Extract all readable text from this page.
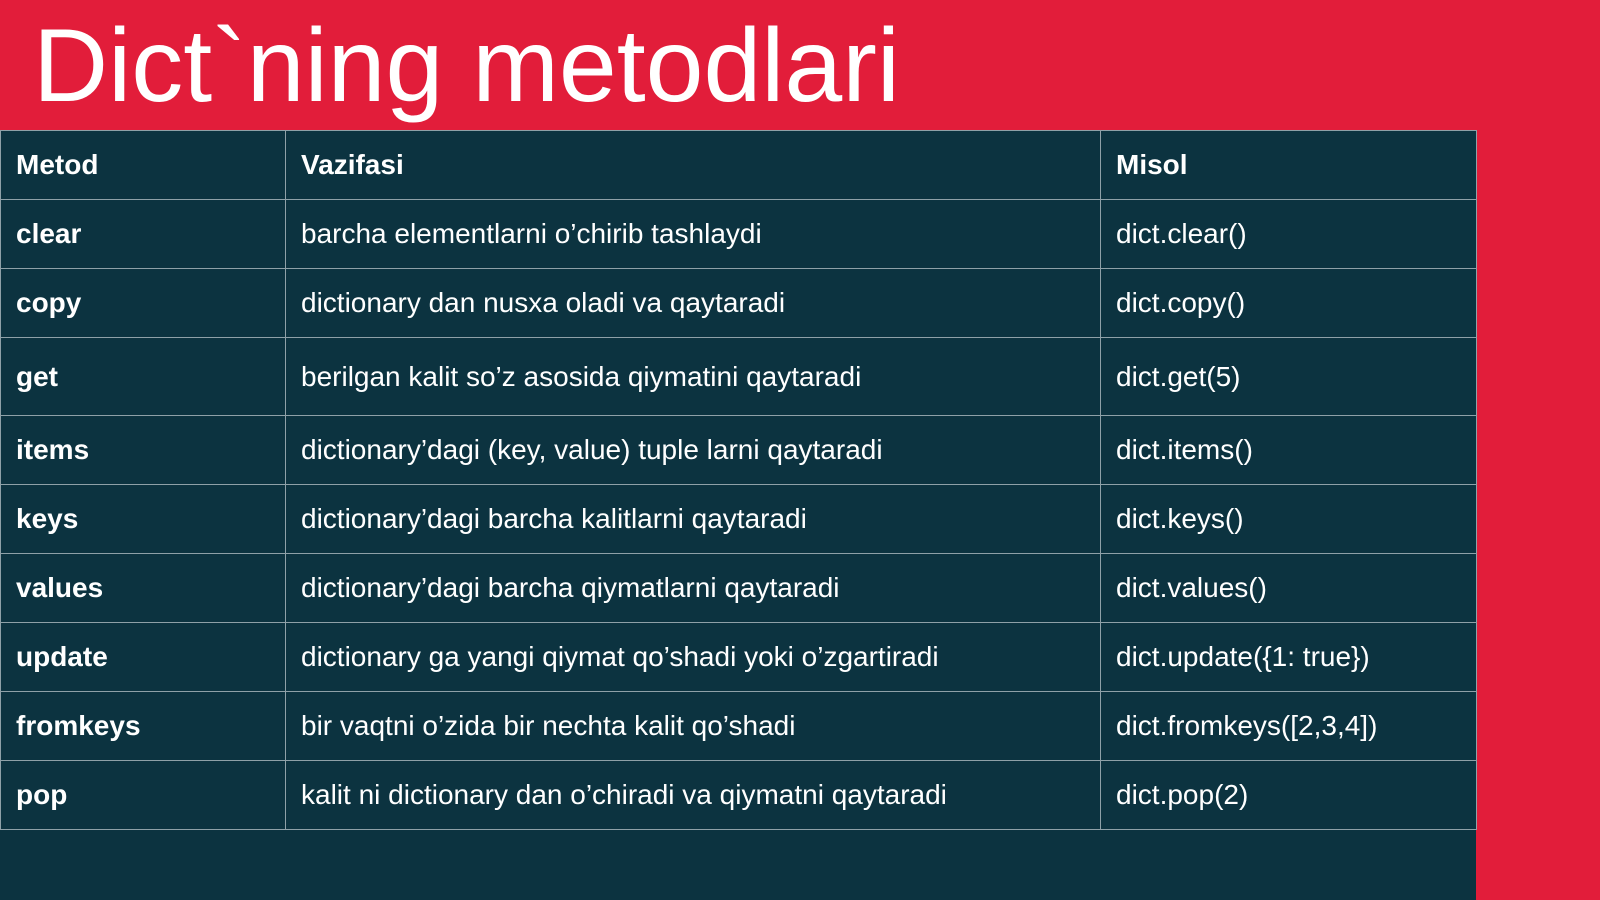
Dict`ning metodlari
Metod	Vazifasi	Misol
clear	barcha elementlarni o’chirib tashlaydi	dict.clear()
copy	dictionary dan nusxa oladi va qaytaradi	dict.copy()
get	berilgan kalit so’z asosida qiymatini qaytaradi	dict.get(5)
items	dictionary’dagi (key, value) tuple larni qaytaradi	dict.items()
keys	dictionary’dagi barcha kalitlarni qaytaradi	dict.keys()
values	dictionary’dagi barcha qiymatlarni qaytaradi	dict.values()
update	dictionary ga yangi qiymat qo’shadi yoki o’zgartiradi	dict.update({1: true})
fromkeys	bir vaqtni o’zida bir nechta kalit qo’shadi	dict.fromkeys([2,3,4])
pop	kalit ni dictionary dan o’chiradi va qiymatni qaytaradi	dict.pop(2)
